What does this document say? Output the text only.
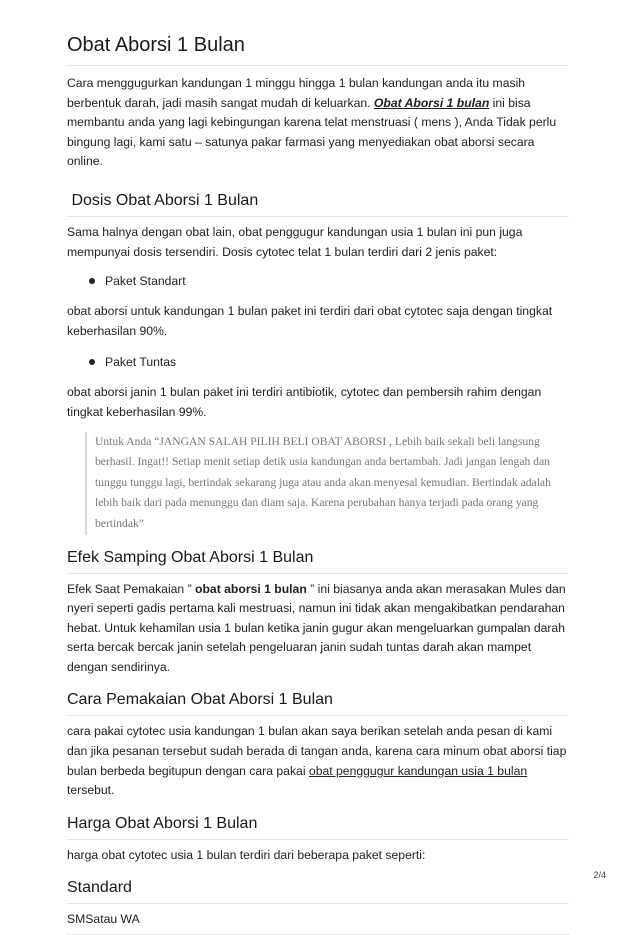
Obat Aborsi 1 Bulan

Cara menggugurkan kandungan 1 minggu hingga 1 bulan kandungan anda itu masih berbentuk darah, jadi masih sangat mudah di keluarkan. Obat Aborsi 1 bulan ini bisa membantu anda yang lagi kebingungan karena telat menstruasi ( mens ), Anda Tidak perlu bingung lagi, kami satu – satunya pakar farmasi yang menyediakan obat aborsi secara online.

Dosis Obat Aborsi 1 Bulan

Sama halnya dengan obat lain, obat penggugur kandungan usia 1 bulan ini pun juga mempunyai dosis tersendiri. Dosis cytotec telat 1 bulan terdiri dari 2 jenis paket:

Paket Standart

obat aborsi untuk kandungan 1 bulan paket ini terdiri dari obat cytotec saja dengan tingkat keberhasilan 90%.

Paket Tuntas

obat aborsi janin 1 bulan paket ini terdiri antibiotik, cytotec dan pembersih rahim dengan tingkat keberhasilan 99%.

Untuk Anda “JANGAN SALAH PILIH BELI OBAT ABORSI , Lebih baik sekali beli langsung berhasil. Ingat!! Setiap menit setiap detik usia kandungan anda bertambah. Jadi jangan lengah dan tunggu tunggu lagi, bertindak sekarang juga atau anda akan menyesal kemudian. Bertindak adalah lebih baik dari pada menunggu dan diam saja. Karena perubahan hanya terjadi pada orang yang bertindak”
Efek Samping Obat Aborsi 1 Bulan

Efek Saat Pemakaian ” obat aborsi 1 bulan ” ini biasanya anda akan merasakan Mules dan nyeri seperti gadis pertama kali mestruasi, namun ini tidak akan mengakibatkan pendarahan hebat. Untuk kehamilan usia 1 bulan ketika janin gugur akan mengeluarkan gumpalan darah serta bercak bercak janin setelah pengeluaran janin sudah tuntas darah akan mampet dengan sendirinya.

Cara Pemakaian Obat Aborsi 1 Bulan

cara pakai cytotec usia kandungan 1 bulan akan saya berikan setelah anda pesan di kami dan jika pesanan tersebut sudah berada di tangan anda, karena cara minum obat aborsi tiap bulan berbeda begitupun dengan cara pakai obat penggugur kandungan usia 1 bulan tersebut.

Harga Obat Aborsi 1 Bulan

harga obat cytotec usia 1 bulan terdiri dari beberapa paket seperti:

Standard

SMSatau WA

2/4
